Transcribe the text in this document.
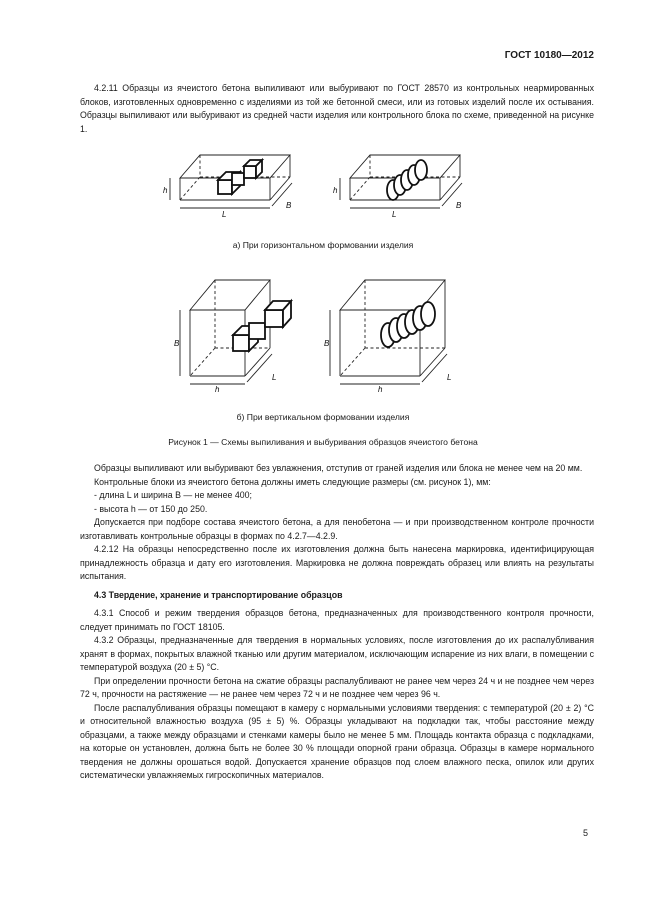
ГОСТ 10180—2012

4.2.11 Образцы из ячеистого бетона выпиливают или выбуривают по ГОСТ 28570 из контрольных неармированных блоков, изготовленных одновременно с изделиями из той же бетонной смеси, или из готовых изделий после их остывания. Образцы выпиливают или выбуривают из средней части изделия или контрольного блока по схеме, приведенной на рисунке 1.

h
L
B
h
L
B
а) При горизонтальном формовании изделия
B
h
L
B
h
L
б) При вертикальном формовании изделия
Рисунок 1 — Схемы выпиливания и выбуривания образцов ячеистого бетона

Образцы выпиливают или выбуривают без увлажнения, отступив от граней изделия или блока не менее чем на 20 мм.

Контрольные блоки из ячеистого бетона должны иметь следующие размеры (см. рисунок 1), мм:

- длина L и ширина B — не менее 400;

- высота h — от 150 до 250.

Допускается при подборе состава ячеистого бетона, а для пенобетона — и при производственном контроле прочности изготавливать контрольные образцы в формах по 4.2.7—4.2.9.

4.2.12 На образцы непосредственно после их изготовления должна быть нанесена маркировка, идентифицирующая принадлежность образца и дату его изготовления. Маркировка не должна повреждать образец или влиять на результаты испытания.

4.3 Твердение, хранение и транспортирование образцов

4.3.1 Способ и режим твердения образцов бетона, предназначенных для производственного контроля прочности, следует принимать по ГОСТ 18105.

4.3.2 Образцы, предназначенные для твердения в нормальных условиях, после изготовления до их распалубливания хранят в формах, покрытых влажной тканью или другим материалом, исключающим испарение из них влаги, в помещении с температурой воздуха (20 ± 5) °С.

При определении прочности бетона на сжатие образцы распалубливают не ранее чем через 24 ч и не позднее чем через 72 ч, прочности на растяжение — не ранее чем через 72 ч и не позднее чем через 96 ч.

После распалубливания образцы помещают в камеру с нормальными условиями твердения: с температурой (20 ± 2) °С и относительной влажностью воздуха (95 ± 5) %. Образцы укладывают на подкладки так, чтобы расстояние между образцами, а также между образцами и стенками камеры было не менее 5 мм. Площадь контакта образца с подкладками, на которые он установлен, должна быть не более 30 % площади опорной грани образца. Образцы в камере нормального твердения не должны орошаться водой. Допускается хранение образцов под слоем влажного песка, опилок или других систематически увлажняемых гигроскопичных материалов.

5
